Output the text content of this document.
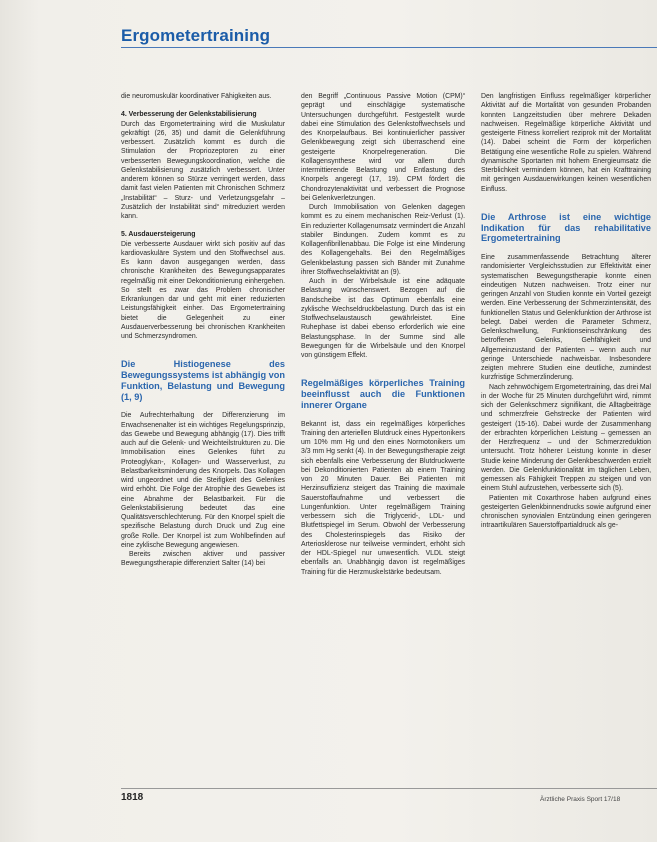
Ergometertraining

die neuromuskulär koordinativer Fähigkeiten aus.

4. Verbesserung der Gelenkstabilisierung

Durch das Ergometertraining wird die Muskulatur gekräftigt (26, 35) und damit die Gelenkführung verbessert. Zusätzlich kommt es durch die Stimulation der Propriozeptoren zu einer verbesserten Bewegungskoordination, welche die Gelenkstabilisierung zusätzlich verbessert. Unter anderem können so Stürze verringert werden, dass damit fast vielen Patienten mit Chronischen Schmerz „Instabilität“ – Sturz- und Verletzungsgefahr – Zusätzlich der Instabilität sind“ mitreduziert werden kann.

5. Ausdauersteigerung

Die verbesserte Ausdauer wirkt sich positiv auf das kardiovaskuläre System und den Stoffwechsel aus. Es kann davon ausgegangen werden, dass chronische Krankheiten des Bewegungsapparates regelmäßig mit einer Dekonditionierung einhergehen. So stellt es zwar das Problem chronischer Erkrankungen dar und geht mit einer reduzierten Leistungsfähigkeit einher. Das Ergometertraining bietet die Gelegenheit zu einer Ausdauerverbesserung bei chronischen Krankheiten und Schmerzsyndromen.

Die Histiogenese des Bewegungssystems ist abhängig von Funktion, Belastung und Bewegung (1, 9)

Die Aufrechterhaltung der Differenzierung im Erwachsenenalter ist ein wichtiges Regelungsprinzip, das Gewebe und Bewegung abhängig (17). Dies trifft auch auf die Gelenk- und Weichteilstrukturen zu. Die Immobilisation eines Gelenkes führt zu Proteoglykan-, Kollagen- und Wasserverlust, zu Belastbarkeitsminderung des Knorpels. Das Kollagen wird ungeordnet und die Steifigkeit des Gelenkes wird erhöht. Die Folge der Atrophie des Gewebes ist eine Abnahme der Belastbarkeit. Für die Gelenkstabilisierung bedeutet das eine Qualitätsverschlechterung. Für den Knorpel spielt die spezifische Belastung durch Druck und Zug eine große Rolle. Der Knorpel ist zum Wohlbefinden auf eine zyklische Bewegung angewiesen.

Bereits zwischen aktiver und passiver Bewegungstherapie differenziert Salter (14) bei

den Begriff „Continuous Passive Motion (CPM)“ geprägt und einschlägige systematische Untersuchungen durchgeführt. Festgestellt wurde dabei eine Stimulation des Gelenkstoffwechsels und des Knorpelaufbaus. Bei kontinuierlicher passiver Gelenkbewegung zeigt sich überraschend eine gesteigerte Knorpelregeneration. Die Kollagensynthese wird vor allem durch intermittierende Belastung und Entlastung des Knorpels angeregt (17, 19). CPM fördert die Chondrozytenaktivität und verbessert die Prognose bei Gelenkverletzungen.

Durch Immobilisation von Gelenken dagegen kommt es zu einem mechanischen Reiz-Verlust (1). Ein reduzierter Kollagenumsatz vermindert die Anzahl stabiler Bindungen. Zudem kommt es zu Kollagenfibrillenabbau. Die Folge ist eine Minderung des Kollagengehalts. Bei den Regelmäßiges Gelenkbelastung passen sich Bänder mit Zunahme ihrer Stoffwechselaktivität an (9).

Auch in der Wirbelsäule ist eine adäquate Belastung wünschenswert. Bezogen auf die Bandscheibe ist das Optimum ebenfalls eine zyklische Wechseldruckbelastung. Durch das ist ein Stoffwechselaustausch gewährleistet. Eine Ruhephase ist dabei ebenso erforderlich wie eine Belastungsphase. In der Summe sind alle Bewegungen für die Wirbelsäule und den Knorpel von günstigem Effekt.

Regelmäßiges körperliches Training beeinflusst auch die Funktionen innerer Organe

Bekannt ist, dass ein regelmäßiges körperliches Training den arteriellen Blutdruck eines Hypertonikers um 10% mm Hg und den eines Normotonikers um 3/3 mm Hg senkt (4). In der Bewegungstherapie zeigt sich ebenfalls eine Verbesserung der Blutdruckwerte bei Dekonditionierten Patienten ab einem Training von 20 Minuten Dauer. Bei Patienten mit Herzinsuffizienz steigert das Training die maximale Sauerstoffaufnahme und verbessert die Lungenfunktion. Unter regelmäßigem Training verbessern sich die Triglycerid-, LDL- und Blutfettspiegel im Serum. Obwohl der Verbesserung des Cholesterinspiegels das Risiko der Arteriosklerose nur teilweise vermindert, erhöht sich der HDL-Spiegel nur unwesentlich. VLDL steigt ebenfalls an. Unabhängig davon ist regelmäßiges Training für die Herzmuskelstärke bedeutsam.

Den langfristigen Einfluss regelmäßiger körperlicher Aktivität auf die Mortalität von gesunden Probanden konnten Langzeitstudien über mehrere Dekaden nachweisen. Regelmäßige körperliche Aktivität und gesteigerte Fitness korreliert reziprok mit der Mortalität (14). Dabei scheint die Form der körperlichen Betätigung eine wesentliche Rolle zu spielen. Während dynamische Sportarten mit hohem Energieumsatz die Sterblichkeit vermindern können, hat ein Krafttraining mit geringen Ausdauerwirkungen keinen wesentlichen Einfluss.

Die Arthrose ist eine wichtige Indikation für das rehabilitative Ergometertraining

Eine zusammenfassende Betrachtung älterer randomisierter Vergleichsstudien zur Effektivität einer systematischen Bewegungstherapie konnte einen eindeutigen Nutzen nachweisen. Trotz einer nur geringen Anzahl von Studien konnte ein Vorteil gezeigt werden. Eine Verbesserung der Schmerzintensität, des funktionellen Status und Gelenkfunktion der Arthrose ist belegt. Dabei werden die Parameter Schmerz, Gelenkschwellung, Funktionseinschränkung des betroffenen Gelenks, Gehfähigkeit und Allgemeinzustand der Patienten – wenn auch nur geringe Unterschiede nachweisbar. Insbesondere zeigten mehrere Studien eine deutliche, zumindest kurzfristige Schmerzlinderung.

Nach zehnwöchigem Ergometertraining, das drei Mal in der Woche für 25 Minuten durchgeführt wird, nimmt sich der Gelenkschmerz signifikant, die Alltagbeiträge und schmerzfreie Gehstrecke der Patienten wird gesteigert (15-16). Dabei wurde der Zusammenhang der erbrachten körperlichen Leistung – gemessen an der Herzfrequenz – und der Schmerzreduktion untersucht. Trotz höherer Leistung konnte in dieser Studie keine Minderung der Gelenkbeschwerden erzielt werden. Die Gelenkfunktionalität im täglichen Leben, gemessen als Fähigkeit Treppen zu steigen und von einem Stuhl aufzustehen, verbesserte sich (5).

Patienten mit Coxarthrose haben aufgrund eines gesteigerten Gelenkbinnendrucks sowie aufgrund einer chronischen synovialen Entzündung einen geringeren intraartikulären Sauerstoffpartialdruck als ge-

1818	Ärztliche Praxis Sport 17/18
